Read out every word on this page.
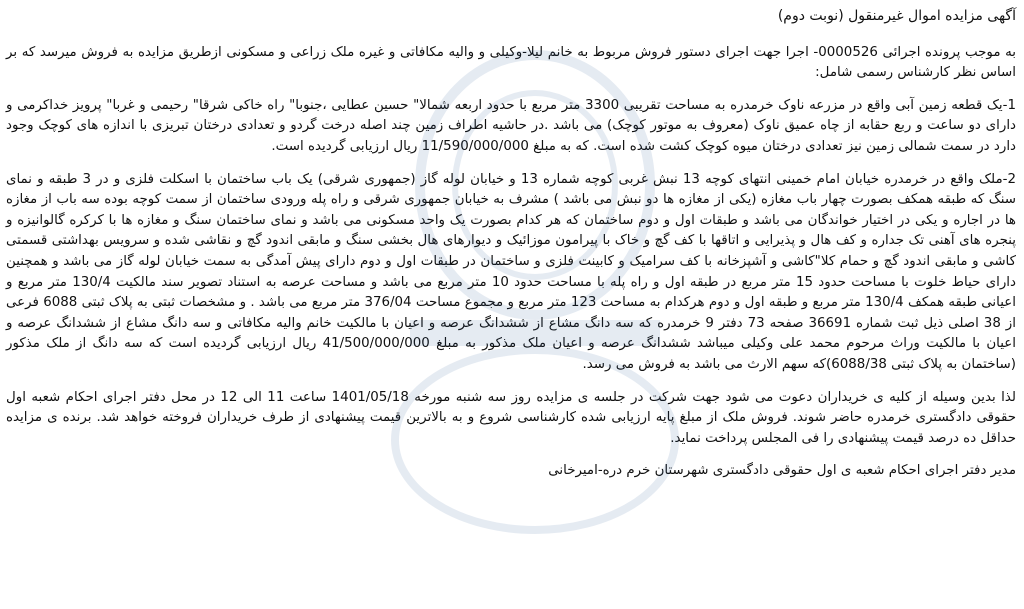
آگهی مزایده اموال غیرمنقول (نوبت دوم)

به موجب پرونده اجرائی 0000526- اجرا جهت اجرای دستور فروش مربوط به خانم لیلا-وکیلی و والیه مکافاتی و غیره ملک زراعی و مسکونی ازطریق مزایده به فروش میرسد که بر اساس نظر کارشناس رسمی شامل:

1-یک قطعه زمین آبی واقع در مزرعه ناوک خرمدره به مساحت تقریبی 3300 متر مربع با حدود اربعه شمالا" حسین عطایی ،جنوبا" راه خاکی شرقا" رحیمی و غربا" پرویز خداکرمی و دارای دو ساعت و ربع حقابه از چاه عمیق ناوک (معروف به موتور کوچک) می باشد .در حاشیه اطراف زمین چند اصله درخت گردو و تعدادی درختان تبریزی با اندازه های کوچک وجود دارد در سمت شمالی زمین نیز تعدادی درختان میوه کوچک کشت شده است. که به مبلغ 11/590/000/000 ریال ارزیابی گردیده است.

2-ملک واقع در خرمدره خیابان امام خمینی انتهای کوچه 13 نبش غربی کوچه شماره 13 و خیابان لوله گاز (جمهوری شرقی) یک باب ساختمان با اسکلت فلزی و در 3 طبقه و نمای سنگ که طبقه همکف بصورت چهار باب مغازه (یکی از مغازه ها دو نبش می باشد ) مشرف به خیابان جمهوری شرقی و راه پله ورودی ساختمان از سمت کوچه بوده سه باب از مغازه ها در اجاره و یکی در اختیار خواندگان می باشد و طبقات اول و دوم ساختمان که هر کدام بصورت یک واحد مسکونی می باشد و نمای ساختمان سنگ و مغازه ها با کرکره گالوانیزه و پنجره های آهنی تک جداره و کف هال و پذیرایی و اتاقها با کف گچ و خاک با پیرامون موزائیک و دیوارهای هال بخشی سنگ و مابقی اندود گچ و نقاشی شده و سرویس بهداشتی قسمتی کاشی و مابقی اندود گچ و حمام کلا"کاشی و آشپزخانه با کف سرامیک و کابینت فلزی و ساختمان در طبقات اول و دوم دارای پیش آمدگی به سمت خیابان لوله گاز می باشد و همچنین دارای حیاط خلوت با مساحت حدود 15 متر مربع در طبقه اول و راه پله با مساحت حدود 10 متر مربع می باشد و مساحت عرصه به استناد تصویر سند مالکیت 130/4 متر مربع و اعیانی طبقه همکف 130/4 متر مربع و طبقه اول و دوم هرکدام به مساحت 123 متر مربع و مجموع مساحت 376/04 متر مربع می باشد . و مشخصات ثبتی به پلاک ثبتی 6088 فرعی از 38 اصلی ذیل ثبت شماره 36691 صفحه 73 دفتر 9 خرمدره که سه دانگ مشاع از ششدانگ عرصه و اعیان با مالکیت خانم والیه مکافاتی و سه دانگ مشاع از ششدانگ عرصه و اعیان با مالکیت وراث مرحوم محمد علی وکیلی میباشد ششدانگ عرصه و اعیان ملک مذکور به مبلغ 41/500/000/000 ریال ارزیابی گردیده است که سه دانگ از ملک مذکور (ساختمان به پلاک ثبتی 6088/38)که سهم الارث می باشد به فروش می رسد.

لذا بدین وسیله از کلیه ی خریداران دعوت می شود جهت شرکت در جلسه ی مزایده روز سه شنبه مورخه 1401/05/18 ساعت 11 الی 12 در محل دفتر اجرای احکام شعبه اول حقوقی دادگستری خرمدره حاضر شوند. فروش ملک از مبلغ پایه ارزیابی شده کارشناسی شروع و به بالاترین قیمت پیشنهادی از طرف خریداران فروخته خواهد شد. برنده ی مزایده حداقل ده درصد قیمت پیشنهادی را فی المجلس پرداخت نماید.

مدیر دفتر اجرای احکام شعبه ی اول حقوقی دادگستری شهرستان خرم دره-امیرخانی
